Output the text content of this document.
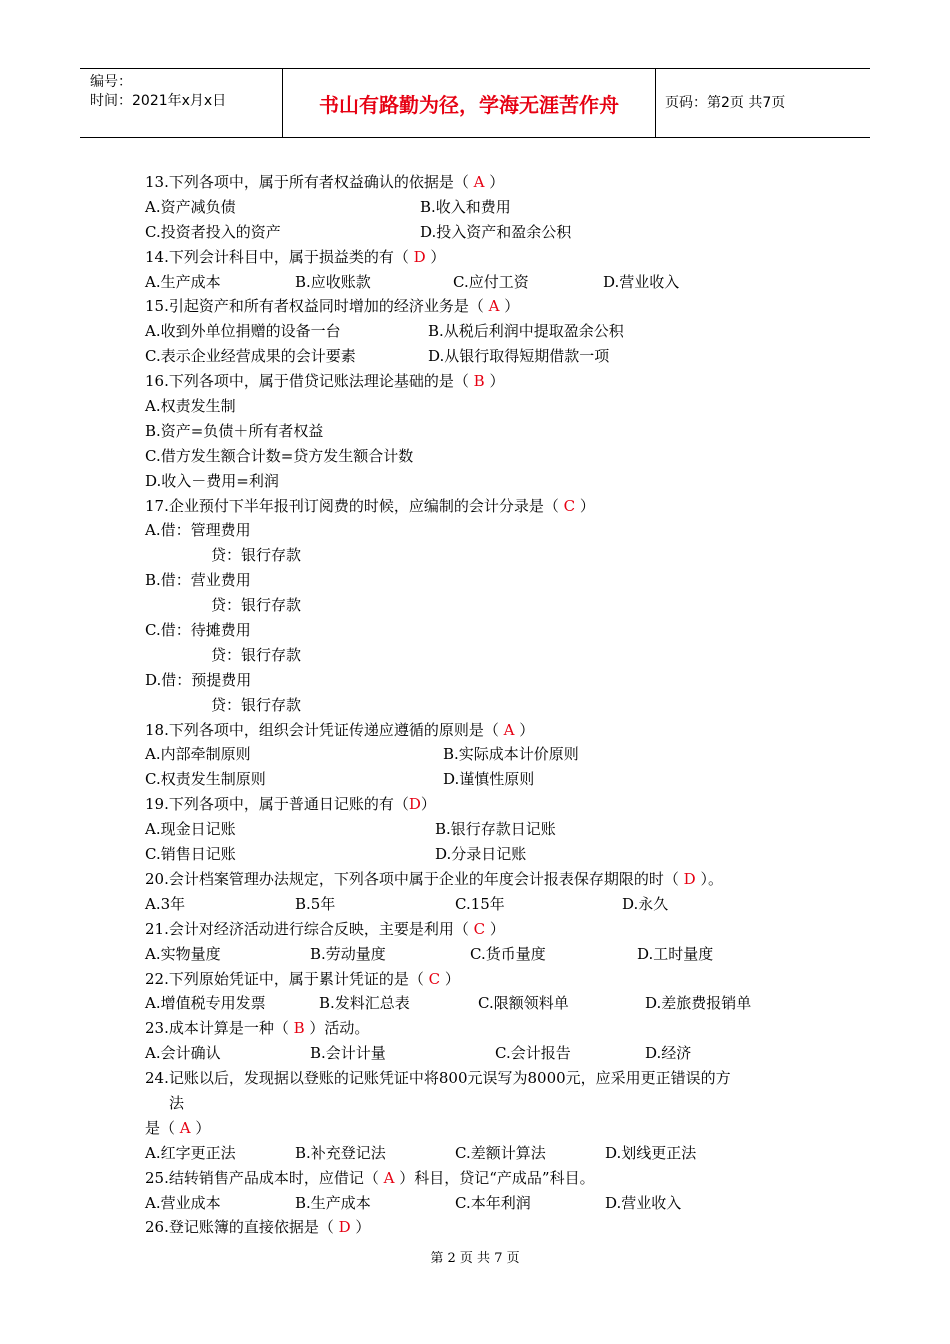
编号：
时间：2021年x月x日	书山有路勤为径，学海无涯苦作舟	页码：第2页 共7页
13.下列各项中，属于所有者权益确认的依据是（ A ）
A.资产减负债	B.收入和费用
C.投资者投入的资产	D.投入资产和盈余公积
14.下列会计科目中，属于损益类的有（ D ）
A.生产成本	B.应收账款	C.应付工资	D.营业收入
15.引起资产和所有者权益同时增加的经济业务是（ A ）
A.收到外单位捐赠的设备一台	B.从税后利润中提取盈余公积
C.表示企业经营成果的会计要素	D.从银行取得短期借款一项
16.下列各项中，属于借贷记账法理论基础的是（ B ）
A.权责发生制
B.资产=负债＋所有者权益
C.借方发生额合计数=贷方发生额合计数
D.收入－费用=利润
17.企业预付下半年报刊订阅费的时候，应编制的会计分录是（ C ）
A.借：管理费用
贷：银行存款
B.借：营业费用
贷：银行存款
C.借：待摊费用
贷：银行存款
D.借：预提费用
贷：银行存款
18.下列各项中，组织会计凭证传递应遵循的原则是（ A ）
A.内部牵制原则	B.实际成本计价原则
C.权责发生制原则	D.谨慎性原则
19.下列各项中，属于普通日记账的有（D）
A.现金日记账	B.银行存款日记账
C.销售日记账	D.分录日记账
20.会计档案管理办法规定，下列各项中属于企业的年度会计报表保存期限的时（ D ）。
A.3年	B.5年	C.15年	D.永久
21.会计对经济活动进行综合反映，主要是利用（ C ）
A.实物量度	B.劳动量度	C.货币量度	D.工时量度
22.下列原始凭证中，属于累计凭证的是（ C ）
A.增值税专用发票	B.发料汇总表	C.限额领料单	D.差旅费报销单
23.成本计算是一种（ B ）活动。
A.会计确认	B.会计计量	C.会计报告	D.经济
24.记账以后，发现据以登账的记账凭证中将800元误写为8000元，应采用更正错误的方
法
是（ A ）
A.红字更正法	B.补充登记法	C.差额计算法	D.划线更正法
25.结转销售产品成本时，应借记（ A ）科目，贷记“产成品”科目。
A.营业成本	B.生产成本	C.本年利润	D.营业收入
26.登记账簿的直接依据是（ D ）
第 2 页 共 7 页
